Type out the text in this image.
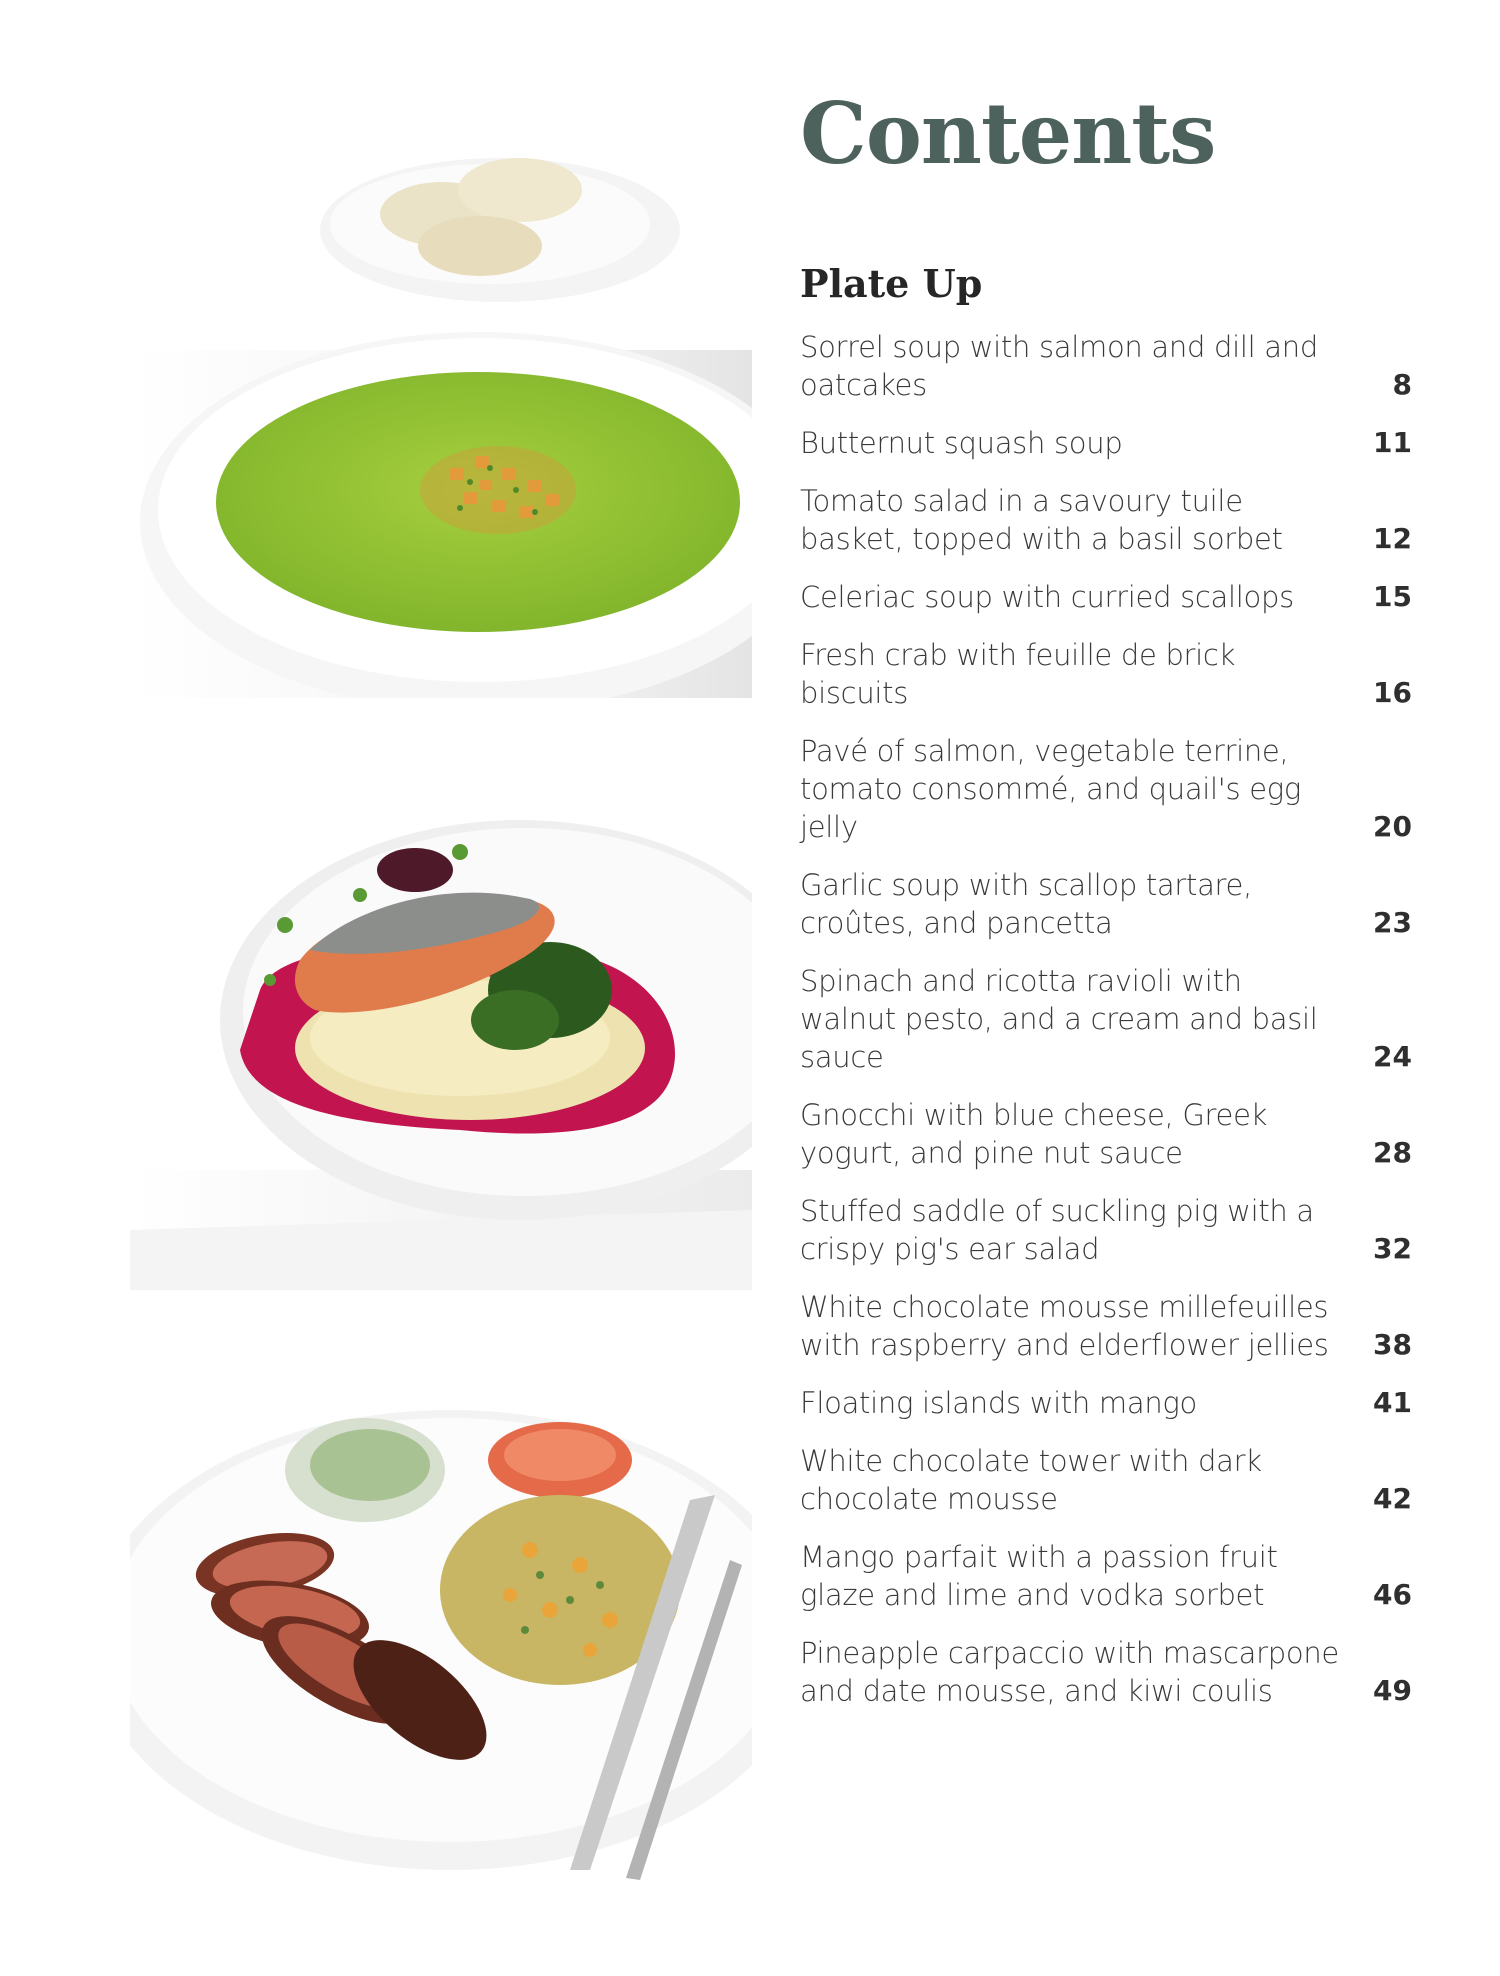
Contents
Plate Up
Sorrel soup with salmon and dill and oatcakes	8
Butternut squash soup	11
Tomato salad in a savoury tuile basket, topped with a basil sorbet	12
Celeriac soup with curried scallops	15
Fresh crab with feuille de brick biscuits	16
Pavé of salmon, vegetable terrine, tomato consommé, and quail's egg jelly	20
Garlic soup with scallop tartare, croûtes, and pancetta	23
Spinach and ricotta ravioli with walnut pesto, and a cream and basil sauce	24
Gnocchi with blue cheese, Greek yogurt, and pine nut sauce	28
Stuffed saddle of suckling pig with a crispy pig's ear salad	32
White chocolate mousse millefeuilles with raspberry and elderflower jellies	38
Floating islands with mango	41
White chocolate tower with dark chocolate mousse	42
Mango parfait with a passion fruit glaze and lime and vodka sorbet	46
Pineapple carpaccio with mascarpone and date mousse, and kiwi coulis	49
